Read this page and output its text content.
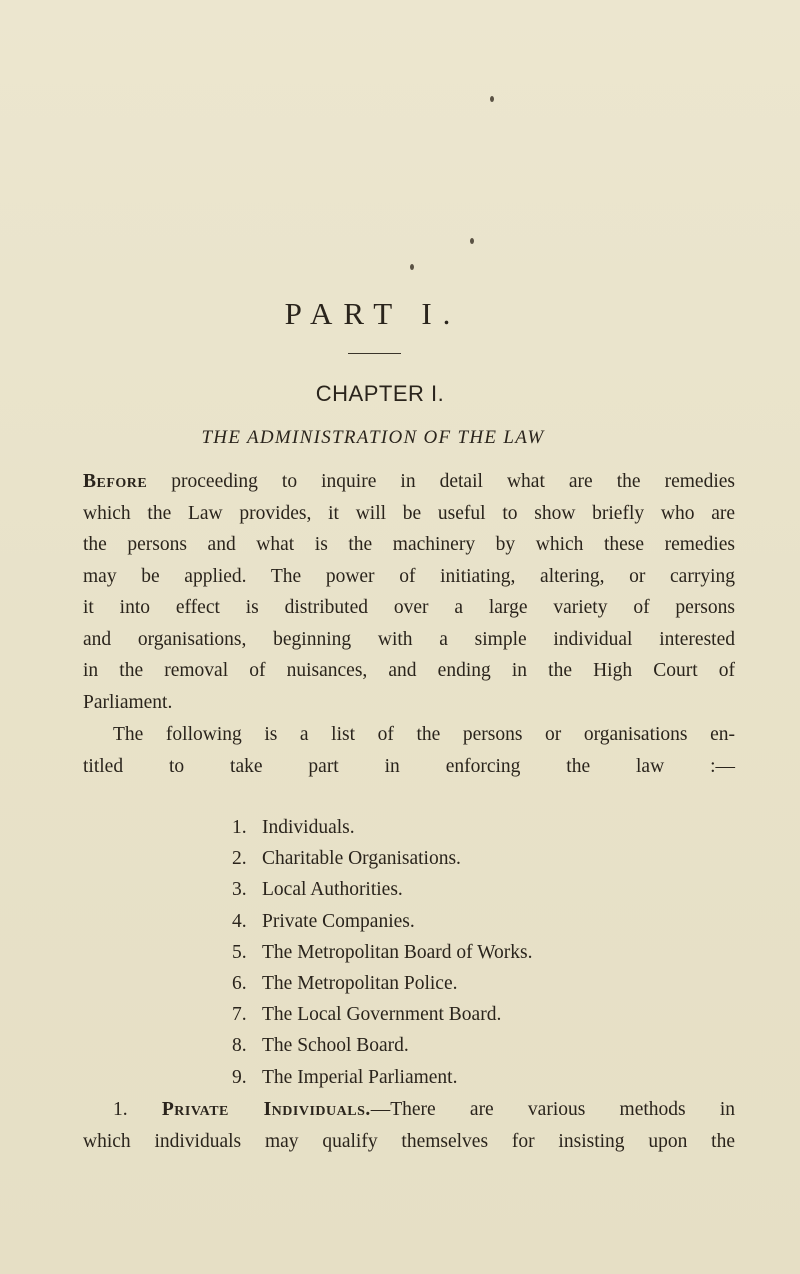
PART I.
CHAPTER I.
THE ADMINISTRATION OF THE LAW
Before proceeding to inquire in detail what are the remedies
which the Law provides, it will be useful to show briefly who are
the persons and what is the machinery by which these remedies
may be applied. The power of initiating, altering, or carrying
it into effect is distributed over a large variety of persons
and organisations, beginning with a simple individual interested
in the removal of nuisances, and ending in the High Court of
Parliament.
The following is a list of the persons or organisations en-
titled to take part in enforcing the law :—
1. Individuals.
2. Charitable Organisations.
3. Local Authorities.
4. Private Companies.
5. The Metropolitan Board of Works.
6. The Metropolitan Police.
7. The Local Government Board.
8. The School Board.
9. The Imperial Parliament.
1. Private Individuals.—There are various methods in
which individuals may qualify themselves for insisting upon the
